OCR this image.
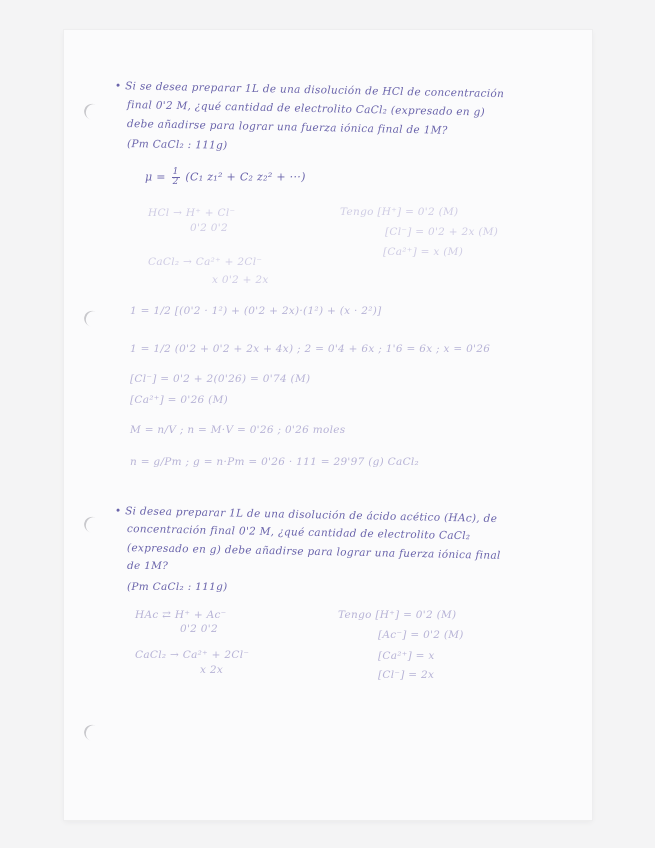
• Si se desea preparar 1L de una disolución de HCl de concentración
final 0'2 M, ¿qué cantidad de electrolito CaCl₂ (expresado en g)
debe añadirse para lograr una fuerza iónica final de 1M?
(Pm CaCl₂ : 111g)
$\mu = \frac{1}{2} (C_1$ z₁² + C₂ z₂² + ···)
HCl → H⁺ + Cl⁻
0'2 0'2
Tengo [H⁺] = 0'2 (M)
[Cl⁻] = 0'2 + 2x (M)
[Ca²⁺] = x (M)
CaCl₂ → Ca²⁺ + 2Cl⁻
x 0'2 + 2x
1 = 1/2 [(0'2 · 1²) + (0'2 + 2x)·(1²) + (x · 2²)]
1 = 1/2 (0'2 + 0'2 + 2x + 4x) ; 2 = 0'4 + 6x ; 1'6 = 6x ; x = 0'26
[Cl⁻] = 0'2 + 2(0'26) = 0'74 (M)
[Ca²⁺] = 0'26 (M)
M = n/V ; n = M·V = 0'26 ; 0'26 moles
n = g/Pm ; g = n·Pm = 0'26 · 111 = 29'97 (g) CaCl₂
• Si desea preparar 1L de una disolución de ácido acético (HAc), de
concentración final 0'2 M, ¿qué cantidad de electrolito CaCl₂
(expresado en g) debe añadirse para lograr una fuerza iónica final
de 1M?
(Pm CaCl₂ : 111g)
HAc ⇄ H⁺ + Ac⁻
0'2 0'2
Tengo [H⁺] = 0'2 (M)
[Ac⁻] = 0'2 (M)
[Ca²⁺] = x
[Cl⁻] = 2x
CaCl₂ → Ca²⁺ + 2Cl⁻
x 2x
